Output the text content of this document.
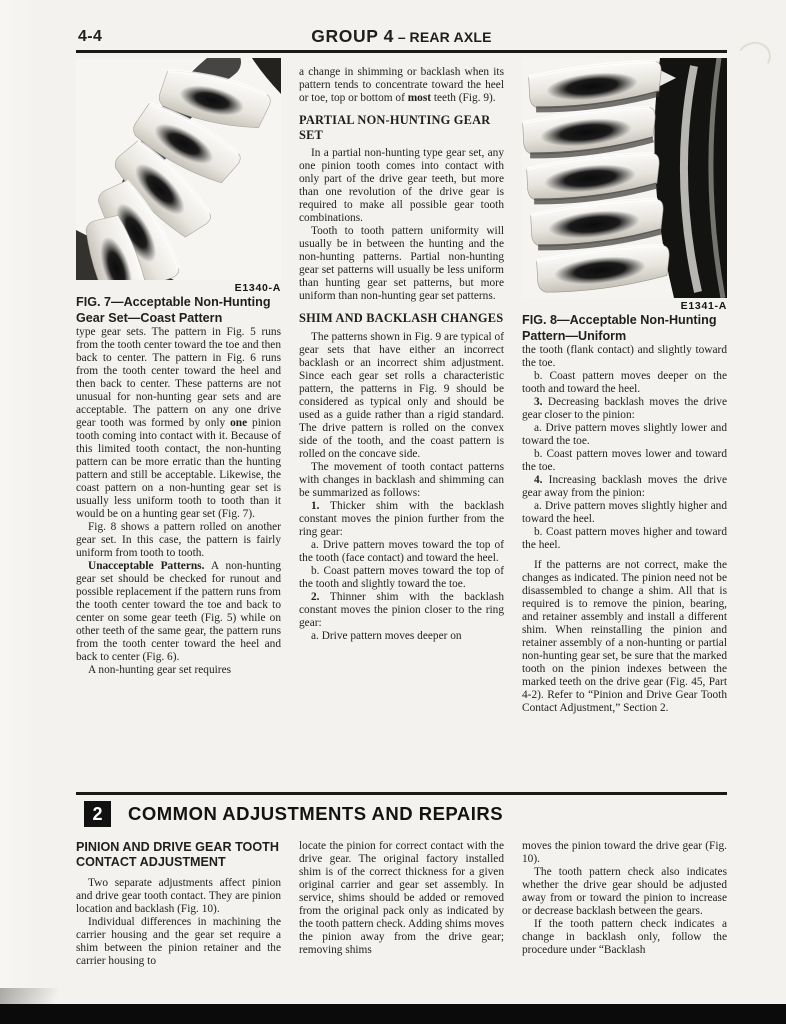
4-4	GROUP 4 – REAR AXLE
E1340-A
FIG. 7—Acceptable Non-Hunting Gear Set—Coast Pattern

type gear sets. The pattern in Fig. 5 runs from the tooth center toward the toe and then back to center. The pattern in Fig. 6 runs from the tooth center toward the heel and then back to center. These patterns are not unusual for non-hunting gear sets and are acceptable. The pattern on any one drive gear tooth was formed by only one pinion tooth coming into contact with it. Because of this limited tooth contact, the non-hunting pattern can be more erratic than the hunting pattern and still be acceptable. Likewise, the coast pattern on a non-hunting gear set is usually less uniform tooth to tooth than it would be on a hunting gear set (Fig. 7).

Fig. 8 shows a pattern rolled on another gear set. In this case, the pattern is fairly uniform from tooth to tooth.

Unacceptable Patterns. A non-hunting gear set should be checked for runout and possible replacement if the pattern runs from the tooth center toward the toe and back to center on some gear teeth (Fig. 5) while on other teeth of the same gear, the pattern runs from the tooth center toward the heel and back to center (Fig. 6).

A non-hunting gear set requires

a change in shimming or backlash when its pattern tends to concentrate toward the heel or toe, top or bottom of most teeth (Fig. 9).

PARTIAL NON-HUNTING GEAR SET

In a partial non-hunting type gear set, any one pinion tooth comes into contact with only part of the drive gear teeth, but more than one revolution of the drive gear is required to make all possible gear tooth combinations.

Tooth to tooth pattern uniformity will usually be in between the hunting and the non-hunting patterns. Partial non-hunting gear set patterns will usually be less uniform than hunting gear set patterns, but more uniform than non-hunting gear set patterns.

SHIM AND BACKLASH CHANGES

The patterns shown in Fig. 9 are typical of gear sets that have either an incorrect backlash or an incorrect shim adjustment. Since each gear set rolls a characteristic pattern, the patterns in Fig. 9 should be considered as typical only and should be used as a guide rather than a rigid standard. The drive pattern is rolled on the convex side of the tooth, and the coast pattern is rolled on the concave side.

The movement of tooth contact patterns with changes in backlash and shimming can be summarized as follows:

1. Thicker shim with the backlash constant moves the pinion further from the ring gear:

a. Drive pattern moves toward the top of the tooth (face contact) and toward the heel.

b. Coast pattern moves toward the top of the tooth and slightly toward the toe.

2. Thinner shim with the backlash constant moves the pinion closer to the ring gear:

a. Drive pattern moves deeper on

E1341-A
FIG. 8—Acceptable Non-Hunting Pattern—Uniform

the tooth (flank contact) and slightly toward the toe.

b. Coast pattern moves deeper on the tooth and toward the heel.

3. Decreasing backlash moves the drive gear closer to the pinion:

a. Drive pattern moves slightly lower and toward the toe.

b. Coast pattern moves lower and toward the toe.

4. Increasing backlash moves the drive gear away from the pinion:

a. Drive pattern moves slightly higher and toward the heel.

b. Coast pattern moves higher and toward the heel.

If the patterns are not correct, make the changes as indicated. The pinion need not be disassembled to change a shim. All that is required is to remove the pinion, bearing, and retainer assembly and install a different shim. When reinstalling the pinion and retainer assembly of a non-hunting or partial non-hunting gear set, be sure that the marked tooth on the pinion indexes between the marked teeth on the drive gear (Fig. 45, Part 4-2). Refer to “Pinion and Drive Gear Tooth Contact Adjustment,” Section 2.

2	COMMON ADJUSTMENTS AND REPAIRS
PINION AND DRIVE GEAR TOOTH CONTACT ADJUSTMENT

Two separate adjustments affect pinion and drive gear tooth contact. They are pinion location and backlash (Fig. 10).

Individual differences in machining the carrier housing and the gear set require a shim between the pinion retainer and the carrier housing to

locate the pinion for correct contact with the drive gear. The original factory installed shim is of the correct thickness for a given original carrier and gear set assembly. In service, shims should be added or removed from the original pack only as indicated by the tooth pattern check. Adding shims moves the pinion away from the drive gear; removing shims

moves the pinion toward the drive gear (Fig. 10).

The tooth pattern check also indicates whether the drive gear should be adjusted away from or toward the pinion to increase or decrease backlash between the gears.

If the tooth pattern check indicates a change in backlash only, follow the procedure under “Backlash
